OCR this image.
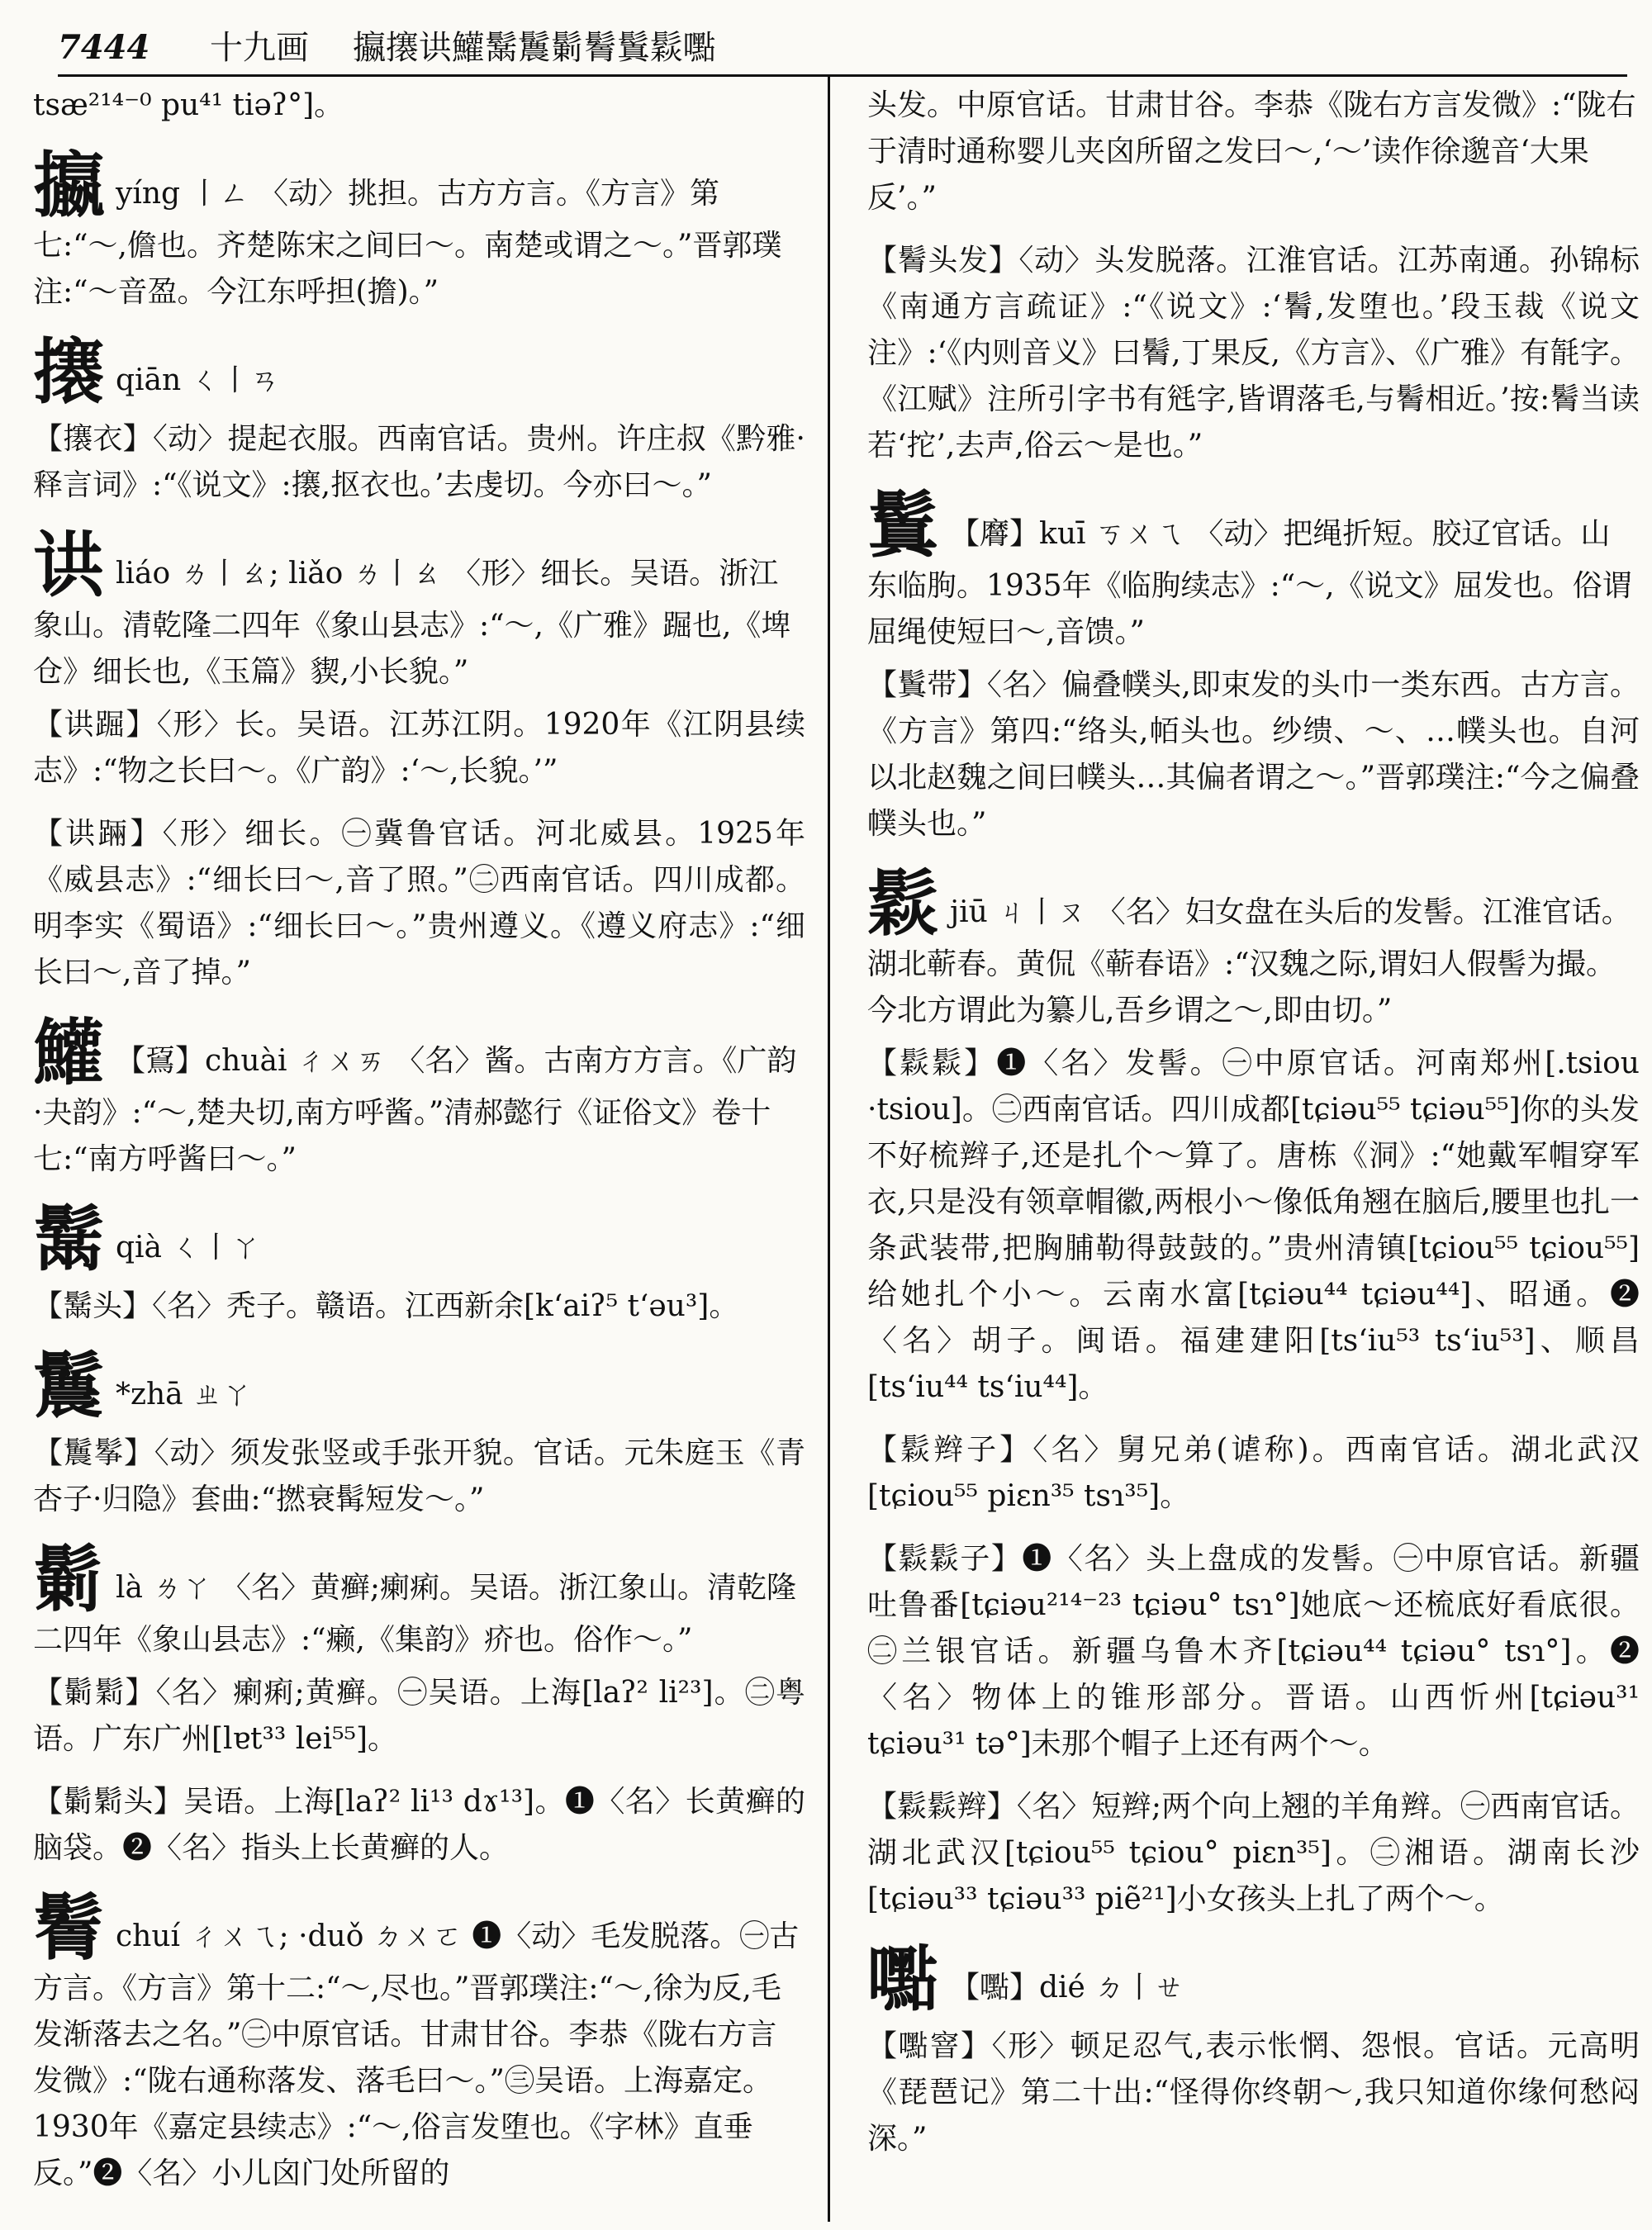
7444 十九画 攍攐䜤鱹鬗鬞鬎鬌鬒鬏嚸
tsæ²¹⁴⁻⁰ pu⁴¹ tiəʔ°]。
攍yíng 丨ㄥ 〈动〉挑担。古方方言。《方言》第七:“～,儋也。齐楚陈宋之间曰～。南楚或谓之～。”晋郭璞注:“～音盈。今江东呼担(擔)。”
攐qiān ㄑ丨ㄢ
【攐衣】〈动〉提起衣服。西南官话。贵州。许庄叔《黔雅·释言词》:“《说文》:攐,抠衣也。’去虔切。今亦曰～。”
䜤liáo ㄌ丨ㄠ; liǎo ㄌ丨ㄠ 〈形〉细长。吴语。浙江象山。清乾隆二四年《象山县志》:“～,《广雅》䠇也,《埤仓》细长也,《玉篇》䝟,小长貌。”
【䜤䠇】〈形〉长。吴语。江苏江阴。1920年《江阴县续志》:“物之长曰～。《广韵》:‘～,长貌。’”
【䜤䠃】〈形〉细长。㊀冀鲁官话。河北威县。1925年《威县志》:“细长曰～,音了照。”㊁西南官话。四川成都。明李实《蜀语》:“细长曰～。”贵州遵义。《遵义府志》:“细长曰～,音了掉。”
鱹 【䲾】chuài ㄔㄨㄞ 〈名〉酱。古南方方言。《广韵·夬韵》:“～,楚夬切,南方呼酱。”清郝懿行《证俗文》卷十七:“南方呼酱曰～。”
鬗qià ㄑ丨ㄚ
【鬗头】〈名〉秃子。赣语。江西新余[k‘aiʔ⁵ t‘əu³]。
鬞 *zhā ㄓㄚ
【鬞鬇】〈动〉须发张竖或手张开貌。官话。元朱庭玉《青杏子·归隐》套曲:“撚衰髯短发～。”
鬎là ㄌㄚ 〈名〉黄癣;瘌痢。吴语。浙江象山。清乾隆二四年《象山县志》:“癞,《集韵》疥也。俗作～。”
【鬎鬁】〈名〉瘌痢;黄癣。㊀吴语。上海[laʔ² li²³]。㊁粤语。广东广州[lɐt³³ lei⁵⁵]。
【鬎鬁头】吴语。上海[laʔ² li¹³ dɤ¹³]。❶〈名〉长黄癣的脑袋。❷〈名〉指头上长黄癣的人。
鬌chuí ㄔㄨㄟ; ·duǒ ㄉㄨㄛ ❶〈动〉毛发脱落。㊀古方言。《方言》第十二:“～,尽也。”晋郭璞注:“～,徐为反,毛发渐落去之名。”㊁中原官话。甘肃甘谷。李恭《陇右方言发微》:“陇右通称落发、落毛曰～。”㊂吴语。上海嘉定。1930年《嘉定县续志》:“～,俗言发堕也。《字林》直垂反。”❷〈名〉小儿囟门处所留的
头发。中原官话。甘肃甘谷。李恭《陇右方言发微》:“陇右于清时通称婴儿夹囟所留之发曰～,‘～’读作徐邈音‘大果反’。”
【鬌头发】〈动〉头发脱落。江淮官话。江苏南通。孙锦标《南通方言疏证》:“《说文》:‘鬌,发堕也。’段玉裁《说文注》:‘《内则音义》曰鬌,丁果反,《方言》、《广雅》有毻字。《江赋》注所引字书有毤字,皆谓落毛,与鬌相近。’按:鬌当读若‘拕’,去声,俗云～是也。”
鬒 【䯢】kuī ㄎㄨㄟ 〈动〉把绳折短。胶辽官话。山东临朐。1935年《临朐续志》:“～,《说文》屈发也。俗谓屈绳使短曰～,音馈。”
【鬒带】〈名〉偏叠幞头,即束发的头巾一类东西。古方言。《方言》第四:“络头,帞头也。纱缋、～、…幞头也。自河以北赵魏之间曰幞头…其偏者谓之～。”晋郭璞注:“今之偏叠幞头也。”
鬏jiū ㄐ丨ㄡ 〈名〉妇女盘在头后的发髻。江淮官话。湖北蕲春。黄侃《蕲春语》:“汉魏之际,谓妇人假髻为撮。今北方谓此为纂儿,吾乡谓之～,即由切。”
【鬏鬏】❶〈名〉发髻。㊀中原官话。河南郑州[.tsiou ·tsiou]。㊁西南官话。四川成都[tɕiəu⁵⁵ tɕiəu⁵⁵]你的头发不好梳辫子,还是扎个～算了。唐栋《洞》:“她戴军帽穿军衣,只是没有领章帽徽,两根小～像低角翘在脑后,腰里也扎一条武装带,把胸脯勒得鼓鼓的。”贵州清镇[tɕiou⁵⁵ tɕiou⁵⁵]给她扎个小～。云南水富[tɕiəu⁴⁴ tɕiəu⁴⁴]、昭通。❷〈名〉胡子。闽语。福建建阳[ts‘iu⁵³ ts‘iu⁵³]、顺昌[ts‘iu⁴⁴ ts‘iu⁴⁴]。
【鬏辫子】〈名〉舅兄弟(谑称)。西南官话。湖北武汉[tɕiou⁵⁵ piɛn³⁵ tsɿ³⁵]。
【鬏鬏子】❶〈名〉头上盘成的发髻。㊀中原官话。新疆吐鲁番[tɕiəu²¹⁴⁻²³ tɕiəu° tsɿ°]她底～还梳底好看底很。㊁兰银官话。新疆乌鲁木齐[tɕiəu⁴⁴ tɕiəu° tsɿ°]。❷〈名〉物体上的锥形部分。晋语。山西忻州[tɕiəu³¹ tɕiəu³¹ tə°]未那个帽子上还有两个～。
【鬏鬏辫】〈名〉短辫;两个向上翘的羊角辫。㊀西南官话。湖北武汉[tɕiou⁵⁵ tɕiou° piɛn³⁵]。㊁湘语。湖南长沙[tɕiəu³³ tɕiəu³³ piẽ²¹]小女孩头上扎了两个～。
嚸 【嚸】dié ㄉ丨ㄝ
【嚸窨】〈形〉顿足忍气,表示怅惘、怨恨。官话。元高明《琵琶记》第二十出:“怪得你终朝～,我只知道你缘何愁闷深。”
